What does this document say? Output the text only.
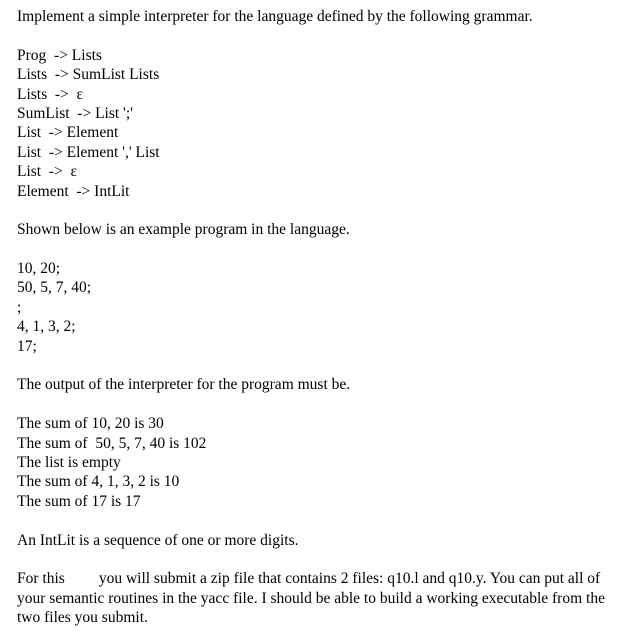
Implement a simple interpreter for the language defined by the following grammar.
Prog  -> Lists
Lists  -> SumList Lists
Lists  ->  ε
SumList  -> List ';'
List  -> Element
List  -> Element ',' List
List  ->  ε
Element  -> IntLit
Shown below is an example program in the language.
10, 20;
50, 5, 7, 40;
;
4, 1, 3, 2;
17;
The output of the interpreter for the program must be.
The sum of 10, 20 is 30
The sum of  50, 5, 7, 40 is 102
The list is empty
The sum of 4, 1, 3, 2 is 10
The sum of 17 is 17
An IntLit is a sequence of one or more digits.
For this you will submit a zip file that contains 2 files: q10.l and q10.y. You can put all of your semantic routines in the yacc file. I should be able to build a working executable from the two files you submit.
